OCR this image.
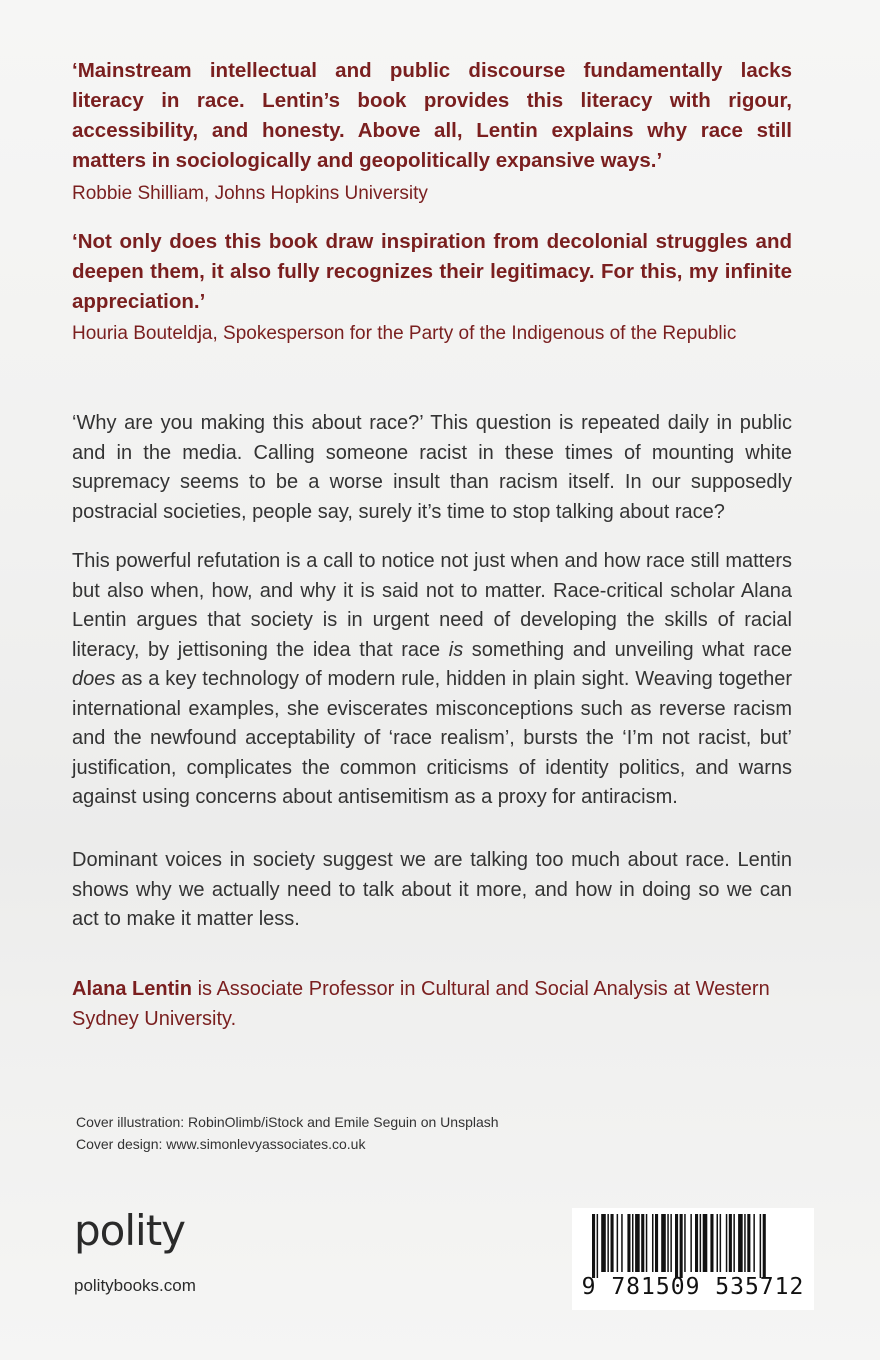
‘Mainstream intellectual and public discourse fundamentally lacks literacy in race. Lentin’s book provides this literacy with rigour, accessibility, and honesty. Above all, Lentin explains why race still matters in sociologically and geopolitically expansive ways.’
Robbie Shilliam, Johns Hopkins University
‘Not only does this book draw inspiration from decolonial struggles and deepen them, it also fully recognizes their legitimacy. For this, my infinite appreciation.’
Houria Bouteldja, Spokesperson for the Party of the Indigenous of the Republic
‘Why are you making this about race?’ This question is repeated daily in public and in the media. Calling someone racist in these times of mounting white supremacy seems to be a worse insult than racism itself. In our supposedly postracial societies, people say, surely it’s time to stop talking about race?
This powerful refutation is a call to notice not just when and how race still matters but also when, how, and why it is said not to matter. Race-critical scholar Alana Lentin argues that society is in urgent need of developing the skills of racial literacy, by jettisoning the idea that race is something and unveiling what race does as a key technology of modern rule, hidden in plain sight. Weaving together international examples, she eviscerates misconceptions such as reverse racism and the newfound acceptability of ‘race realism’, bursts the ‘I’m not racist, but’ justification, complicates the common criticisms of identity politics, and warns against using concerns about antisemitism as a proxy for antiracism.
Dominant voices in society suggest we are talking too much about race. Lentin shows why we actually need to talk about it more, and how in doing so we can act to make it matter less.
Alana Lentin is Associate Professor in Cultural and Social Analysis at Western Sydney University.
Cover illustration: RobinOlimb/iStock and Emile Seguin on Unsplash
Cover design: www.simonlevyassociates.co.uk
polity
politybooks.com	9 781509 535712
